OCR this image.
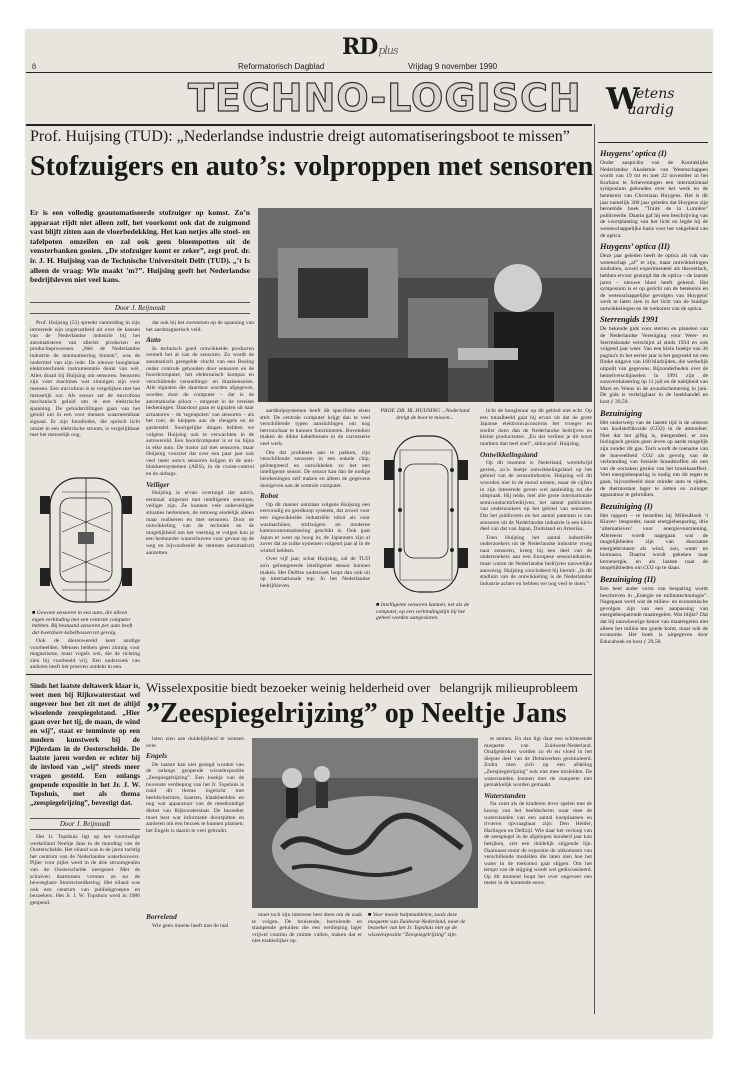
RDplus
8	Reformatorisch Dagblad	Vrijdag 9 november 1990
TECHNO-LOGISCH W
etens
aardig
Prof. Huijsing (TUD): „Nederlandse industrie dreigt automatiseringsboot te missen”
Stofzuigers en auto’s: volproppen met sensoren
Er is een volledig geautomatiseerde stofzuiger op komst. Zo’n apparaat rijdt niet alleen zelf, het voorkomt ook dat de zuigmond vast blijft zitten aan de vloerbedekking. Het kan netjes alle stoel- en tafelpoten omzeilen en zal ook geen bloempotten uit de vensterbanken gooien. „De stofzuiger komt er zeker”, zegt prof. dr. ir. J. H. Huijsing van de Technische Universiteit Delft (TUD). „’t Is alleen de vraag: Wie maakt ’m?”. Huijsing geeft het Nederlandse bedrijfsleven niet veel kans.
Door J. Reijnoudt

Prof. Huijsing (52) spreekt vanmiddag in zijn intreerede zijn ongerustheid uit over de kansen van de Nederlandse industrie bij het automatiseren van allerlei producten en productieprocessen. „Met de Nederlandse industrie de automatisering binnen”, was de ondertitel van zijn rede. De nieuwe hoogleraar elektrotechniek instrumentatie denkt van wel. Alles draait bij Huijsing om sensoren. Sensoren zijn voor machines wat zintuigen zijn voor mensen. Een microfoon is te vergelijken met het menselijk oor. Als sensor zet de microfoon mechanisch geluid om in een elektrische spanning. De geluidstrillingen gaan van het geluid om in een voor mensen waarneembaar signaal. Er zijn fotodiodes, die optisch licht omzet in een elektrische stroom, is vergelijkbaar met het menselijk oog.

■ Gewone sensoren in een auto, die alleen eigen verbinding met een centrale computer hebben. Bij bestaand sensoren per auto heeft dat kwetsbare kabelbossen tot gevolg.

Ook de dierenwereld kent aardige voorbeelden. Mensen hebben geen zintuig voor magnetisme, maar vogels wel, die de richting zien bij voorbeeld vrij. Een onderzoek van anderen heeft het proeven ontdekt in een.

dat ook bij het zwemmen op de spanning van het aardmagnetisch veld.

Auto

In technisch goed ontwikkelde producten wemelt het al van de sensoren. Zo wordt de automatisch geregelde vlucht van een Boeing onder controle gehouden door sensoren en de boordcomputer, het elektronisch kompas en verschillende versnellings- en draaisensoren. Alle signalen die daardoor worden afgegeven, worden door de computer – dat is de automatische piloot – omgezet in de vereiste bedieningen. Daardoor gaan er signalen uit naar actuatoren – de 'tegenpolen' van sensoren – als het roer, de kleppen aan de vleugels en de gashendel. Soortgelijke dingen hebben we volgens Huijsing ook te verwachten in de autowereld. Een boordcomputer is er nu bijna in elke auto. De motor zal met sensoren, maar Huijsing voorziet dat over een paar jaar ook veel meer auto's sensoren krijgen in de anti-blokkeersystemen (ABS), in de cruise-control en de airbags.

Veiliger

Huijsing is ervan overtuigd dat auto's, eenmaal uitgerust met intelligente sensoren, veiliger zijn. Ze kunnen vele onbeveiligde situaties herkennen, de remweg eindelijk alleen maar realiseren en met sensoren. Door de ontwikkeling van de techniek en de mogelijkheid om het voertuig te volgen kun je een bestuurder waarschuwen voor gevaar op de weg en bijvoorbeeld de remmen automatisch aanzetten.

aardhulpsystemen heeft dit specifieke eisen stelt. De centrale computer krijgt dan te veel verschillende typen aansluitingen om nog betrouwbaar te kunnen functioneren. Bovendien maken de dikke kabelbossen in de carrosserie veel werk.

Om dat probleem aan te pakken, zijn verschillende sensoren in een enkele chip, geïntegreerd en ontwikkelen zo het een intelligente sensor. De sensor kan dan de nodige berekeningen zelf maken en alleen de gegevens doorgeven aan de centrale computer.

Robot

Op dit manier ontstaan volgens Huijsing een eenvoudig en goedkoop systeem, dat zowel voor een ingewikkelde industriële robot als voor wasmachines, stofzuigers en moderne kantoorautomatisering geschikt is. Ook gaat Japan er weer op hoog in; de Japanners zijn al zover dat ze zulke systemen volgend jaar al in de winkel hebben.

Over vijf jaar, schat Huijsing, zal de TUD zo'n geïntegreerde intelligente sensor kunnen maken. Het Delftse onderzoek loopt dan ook uit op internationale top. In het Nederlandse bedrijfsleven

PROF. DR. IR. HUIJSING ...Nederland dreigt de boot te missen...
■ Intelligente sensoren kunnen, net als de computer, op een verbindingslijn bij het geheel worden aangesloten.

licht de hoogleraar op dit gebied niet echt. Op een totaalbeeld gaat hij ervan uit dat de grote Japanse elektronicaconcerns het vroeger en sneller doen dan de Nederlandse bedrijven en kleine producenten. „En dat verliest je dit soort markten dan heel snel”, aldus prof. Huijsing.

Ontwikkelingsland

Op dit moment is Nederland, wereldwijd gezien, zo’n beetje ontwikkelingsland op het gebied van de sensorindustrie. Huijsing wil dit woorden niet in de mond nemen, maar de cijfers in zijn intreerede geven wel aanleiding tot die uitspraak. Hij telde, met alle grote internationale semiconductorbedrijven, het aantal publicaties van onderzoekers op het gebied van sensoren. Dat het publiceren en het aantal patenten is van sensoren uit de Nederlandse industrie is een klein deel van dat van Japan, Duitsland en Amerika.

Toen Huijsing het aantal industriële onderzoekers uit de Nederlandse industrie vroeg naar sensoren, kreeg hij een deel van de onderzoekers aan een Europese sensorindustrie, maar waren de Nederlandse bedrijven nauwelijks aanwezig. Huijsing concludeert hij hieruit: „In dit stadium van de ontwikkeling is de Nederlandse industrie achter en hebben we nog veel te doen.”

Sinds het laatste deltawerk klaar is, weet men bij Rijkswaterstaat wel ongeveer hoe het zit met de altijd wisselende zeespiegelstand. „Hier gaan over het tij, de maan, de wind en wij”, staat er tenminste op een modern kunstwerk bij de Pijlerdam in de Oosterschelde. De laatste jaren worden er echter bij de invloed van „wij” steeds meer vragen gesteld. Een onlangs geopende expositie in het Jr. J. W. Topshuis, met als thema „zeespiegelrijzing”, bevestigt dat.
Door J. Reijnoudt

Het Jr. Topshuis ligt op het voormalige werkeiland Neeltje Jans in de monding van de Oosterschelde. Het eiland was in de jaren tachtig het centrum van de Nederlandse waterbouwers. Pijler voor pijler werd in de drie stroomgeulen van de Oosterschelde neergezet. Met de schuiven daartussen vormen ze nu de beweegbare Stormvloedkering. Het eiland was ook een centrum van publiekgroepen en bezoekers. Het Jr. J. W. Topshuis werd in 1986 geopend.

Wisselexpositie biedt bezoeker weinig helderheid over belangrijk milieuprobleem
”Zeespiegelrijzing” op Neeltje Jans

laten zien aan duidelijkheid te wensen over.

Engels

De laatste kan niet gezegd worden van de onlangs geopende wisselexpositie „Zeespiegelrijzing”. Een hoekje van de bovenste verdieping van het Jr. Topshuis is rond dit thema ingericht met beeldschermen, kaarten, klankbeelden en nog wat apparatuur van de meetkundige dienst van Rijkswaterstaat. De bezoeker moet best wat informatie doorspitten en aanleren om een bezoek te kunnen plannen; het Engels is daarin te veel gebruikt.

Borrelend

Wie geen moeite heeft met de taal

moet toch zijn interesse best doen om de zaak te volgen. De bruisende, borrelende en stampende geluiden die een verdieping lager vrijwel continu de ruimte vullen, maken dat er niet makkelijker op.

■ Voor mooie halpmaddelen, zoals deze maquette van Zuidwest-Nederland, moet de bezoeker van het Jr. Topshuis niet op de wisselexpositie "Zeespiegelrijzing" zijn.

te nemen. En dan ligt daar een schitterende maquette van Zuidwest-Nederland. Onafgebroken worden zo eb en vloed in het diepste deel van de Deltawerken gesimuleerd. Zodra men zich op een afdeling „Zeespiegelrijzing” ook niet mee misleiden. De waterstanden kunnen met de maquette niet gemakkelijk worden gemaakt.

Waterstanden

Na zoiet als de kinderen lever spelen met de knoop van het beeldscherm waar mee de waterstanden van een aantal kustplaatsen en rivieren opvraagbaar zijn: Den Helder, Harlingen en Delfzijl. Wie daar het verloop van de zeespiegel in de afgelopen honderd jaar kan bekijken, ziet een duidelijk stijgende lijn. Daarnaast toont de expositie de uitkomsten van verschillende modellen die laten zien hoe het water in de toekomst gaat stijgen. Om het tempo van de stijging wordt wel gediscussieerd. Op dit moment loopt het over ongeveer een meter in de komende eeuw.

Huygens’ optica (I)
Onder auspiciën van de Koninklijke Nederlandse Akademie van Wetenschappen wordt van 19 tot en met 22 november in het Kurhaus te Scheveningen een internationaal symposium gehouden over het werk en de betekenis van Christiaan Huygens. Het is dit jaar namelijk 300 jaar geleden dat Huygens zijn beroemde boek "Traité de la Lumière" publiceerde. Daarin gaf hij een beschrijving van de voortplanting van het licht en legde hij de wetenschappelijke basis voor het vakgebied van de optica.
Huygens’ optica (II)
Deze jaar geleden heeft de optica als vak van wetenschap „af” te zijn, maar ontwikkelingen sindsdien, zowel experimenteel als theoretisch, hebben ervoor gezorgd dat de optica – de laatste jaren – nieuwe bloei heeft gekend. Het symposium is er op gericht om de betekenis en de wetenschappelijke gevolgen van Huygens' werk te laten zien in het licht van de huidige ontwikkelingen en de toekomst van de optica.
Sterrengids 1991
De bekende gids voor sterren en planeten van de Nederlandse Vereniging voor Weer- en Sterrenkunde verschijnt al sinds 1934 en ook volgend jaar weer. Van een klein boekje van 36 pagina's in het eerste jaar is het gegroeid tot een flinke uitgave van 160 bladzijden, die werkelijk uitpuilt van gegevens. Bijzonderheden over de hemelverschijnselen in 1991 zijn de zonsverduistering op 11 juli en de nabijheid van Mars en Venus in de avondschemering in juni. De gids is verkrijgbaar in de boekhandel en kost ƒ 39,50.
Bezuiniging
Het onderwerp van de laatste tijd is de uitstoot van koolstofdioxide (CO2) in de atmosfeer. Niet dat het giftig is, integendeel, er zou biologisch gezien geen leven op aarde mogelijk zijn zonder dit gas. Toch wordt de toename van de hoeveelheid CO2 als gevolg van de verbranding van fossiele brandstoffen als een van de oorzaken gezien van het broeikaseffect. Veel energiebesparing is nodig om dit tegen te gaan, bijvoorbeeld door minder auto te rijden, de thermostaat lager te zetten en zuiniger apparatuur te gebruiken.
Bezuiniging (I)
Het rapport – te bestellen bij MilieuBoek ‘t Klaver- bespreekt, naast energiebesparing, drie ‘alternatieven’ voor energievoorziening. Allereerst wordt nagegaan wat de mogelijkheden zijn van duurzame energiebronnen als wind, zon, water en biomassa. Daarna wordt gekeken naar kernenergie, en als laatste naar de mogelijkheden om CO2 op te slaan.
Bezuiniging (II)
Een heel ander vorm van besparing wordt beschreven in „Energie en milieutechnologie”. Nagegaan werd wat de milieu- en economische gevolgen zijn van een aanpassing van energiebesparende maatregelen. Wat blijkt? Dat dat bij nauwkeurige keuze van maatregelen niet alleen het milieu ten goede komt, maar ook de economie. Het boek is uitgegeven door Educaboek en kost ƒ 29,50.
